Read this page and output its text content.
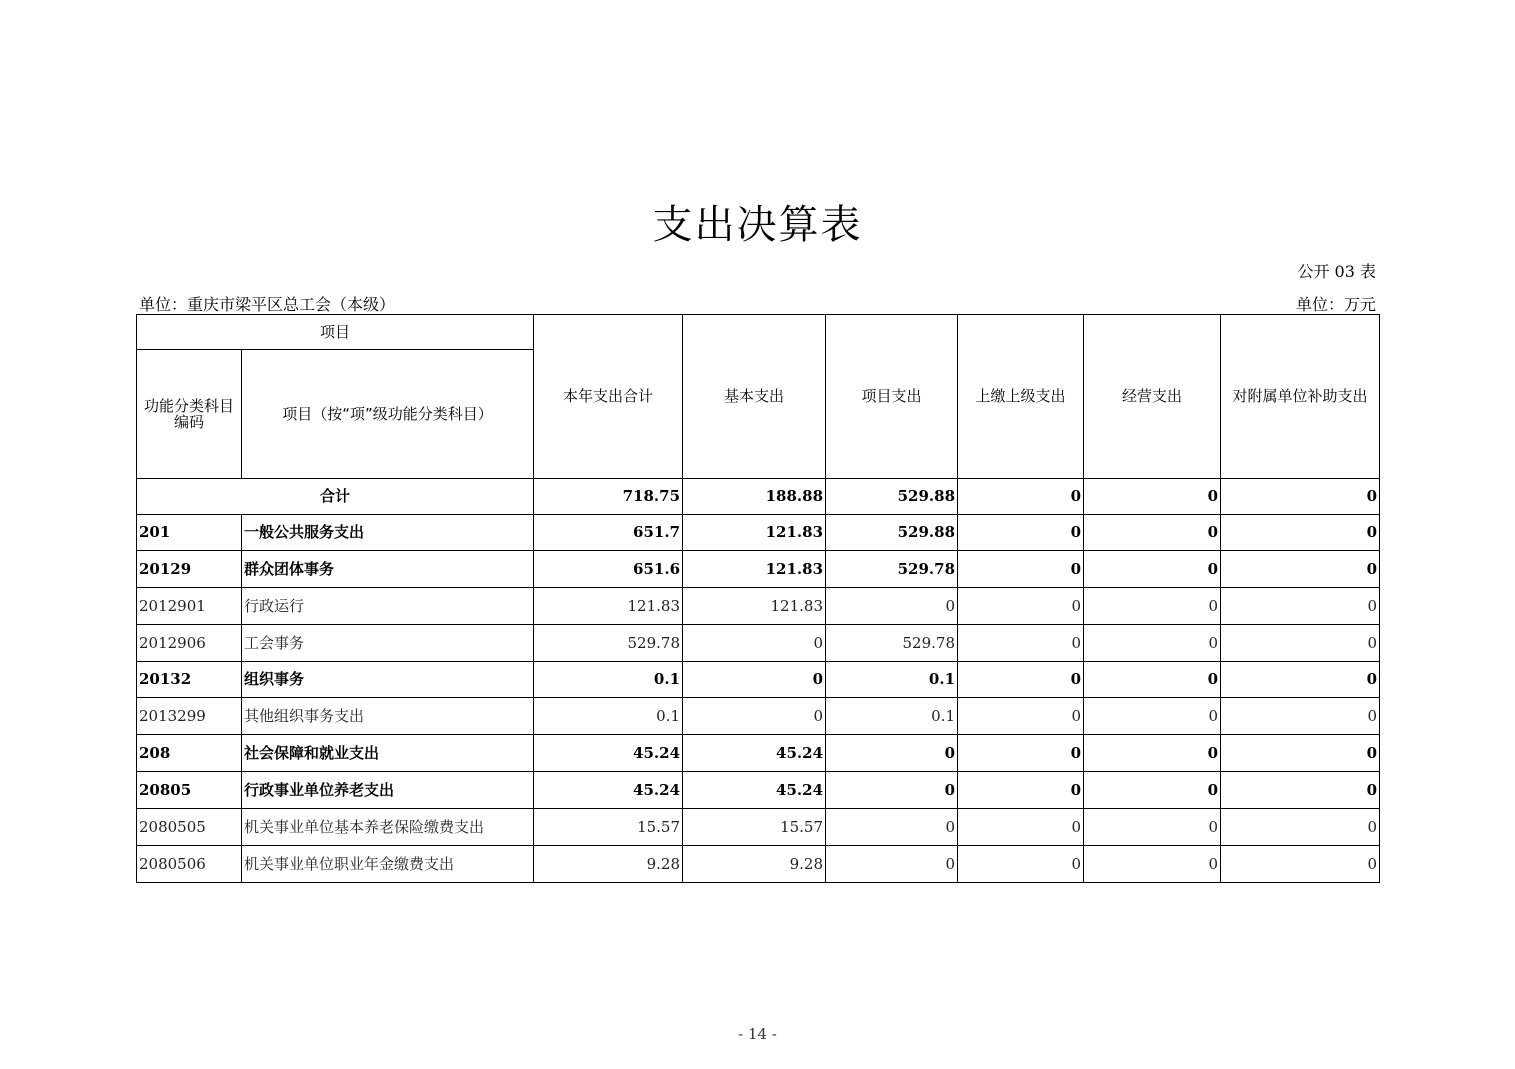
支出决算表
公开 03 表
单位：重庆市梁平区总工会（本级）	单位：万元
项目		本年支出合计	基本支出	项目支出	上缴上级支出	经营支出	对附属单位补助支出
功能分类科目编码	项目（按“项”级功能分类科目）						
合计		718.75	188.88	529.88	0	0	0
201	一般公共服务支出	651.7	121.83	529.88	0	0	0
20129	群众团体事务	651.6	121.83	529.78	0	0	0
2012901	行政运行	121.83	121.83	0	0	0	0
2012906	工会事务	529.78	0	529.78	0	0	0
20132	组织事务	0.1	0	0.1	0	0	0
2013299	其他组织事务支出	0.1	0	0.1	0	0	0
208	社会保障和就业支出	45.24	45.24	0	0	0	0
20805	行政事业单位养老支出	45.24	45.24	0	0	0	0
2080505	机关事业单位基本养老保险缴费支出	15.57	15.57	0	0	0	0
2080506	机关事业单位职业年金缴费支出	9.28	9.28	0	0	0	0
- 14 -
